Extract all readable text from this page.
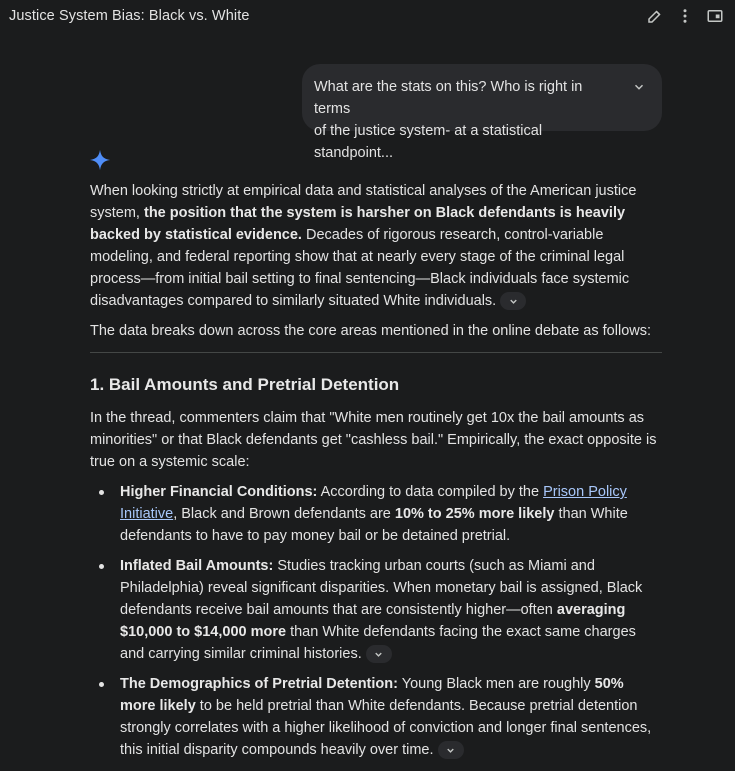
Justice System Bias: Black vs. White
What are the stats on this? Who is right in terms
of the justice system- at a statistical standpoint...

When looking strictly at empirical data and statistical analyses of the American justice system, the position that the system is harsher on Black defendants is heavily backed by statistical evidence. Decades of rigorous research, control-variable modeling, and federal reporting show that at nearly every stage of the criminal legal process—from initial bail setting to final sentencing—Black individuals face systemic disadvantages compared to similarly situated White individuals.

The data breaks down across the core areas mentioned in the online debate as follows:

1. Bail Amounts and Pretrial Detention

In the thread, commenters claim that "White men routinely get 10x the bail amounts as minorities" or that Black defendants get "cashless bail." Empirically, the exact opposite is true on a systemic scale:

Higher Financial Conditions: According to data compiled by the Prison Policy Initiative, Black and Brown defendants are 10% to 25% more likely than White defendants to have to pay money bail or be detained pretrial.
Inflated Bail Amounts: Studies tracking urban courts (such as Miami and Philadelphia) reveal significant disparities. When monetary bail is assigned, Black defendants receive bail amounts that are consistently higher—often averaging $10,000 to $14,000 more than White defendants facing the exact same charges and carrying similar criminal histories.
The Demographics of Pretrial Detention: Young Black men are roughly 50% more likely to be held pretrial than White defendants. Because pretrial detention strongly correlates with a higher likelihood of conviction and longer final sentences, this initial disparity compounds heavily over time.
